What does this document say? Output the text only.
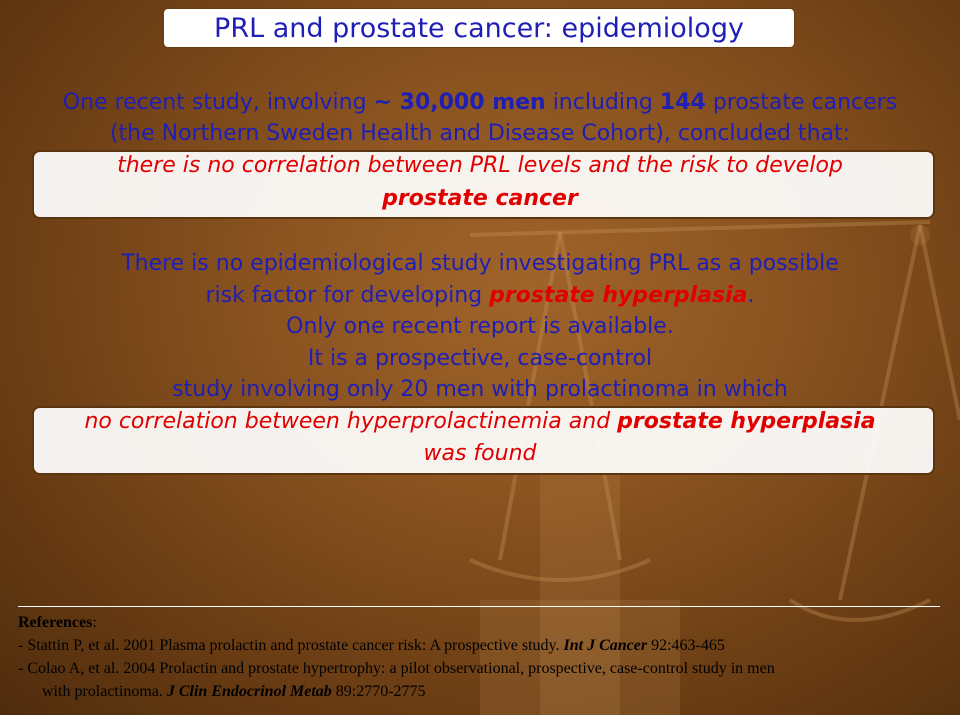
PRL and prostate cancer: epidemiology
One recent study, involving ~ 30,000 men including 144 prostate cancers
(the Northern Sweden Health and Disease Cohort), concluded that:
there is no correlation between PRL levels and the risk to develop
prostate cancer
There is no epidemiological study investigating PRL as a possible
risk factor for developing prostate hyperplasia.
Only one recent report is available.
It is a prospective, case-control
study involving only 20 men with prolactinoma in which
no correlation between hyperprolactinemia and prostate hyperplasia
was found
References:
- Stattin P, et al. 2001 Plasma prolactin and prostate cancer risk: A prospective study. Int J Cancer 92:463-465
- Colao A, et al. 2004 Prolactin and prostate hypertrophy: a pilot observational, prospective, case-control study in men
with prolactinoma. J Clin Endocrinol Metab 89:2770-2775
